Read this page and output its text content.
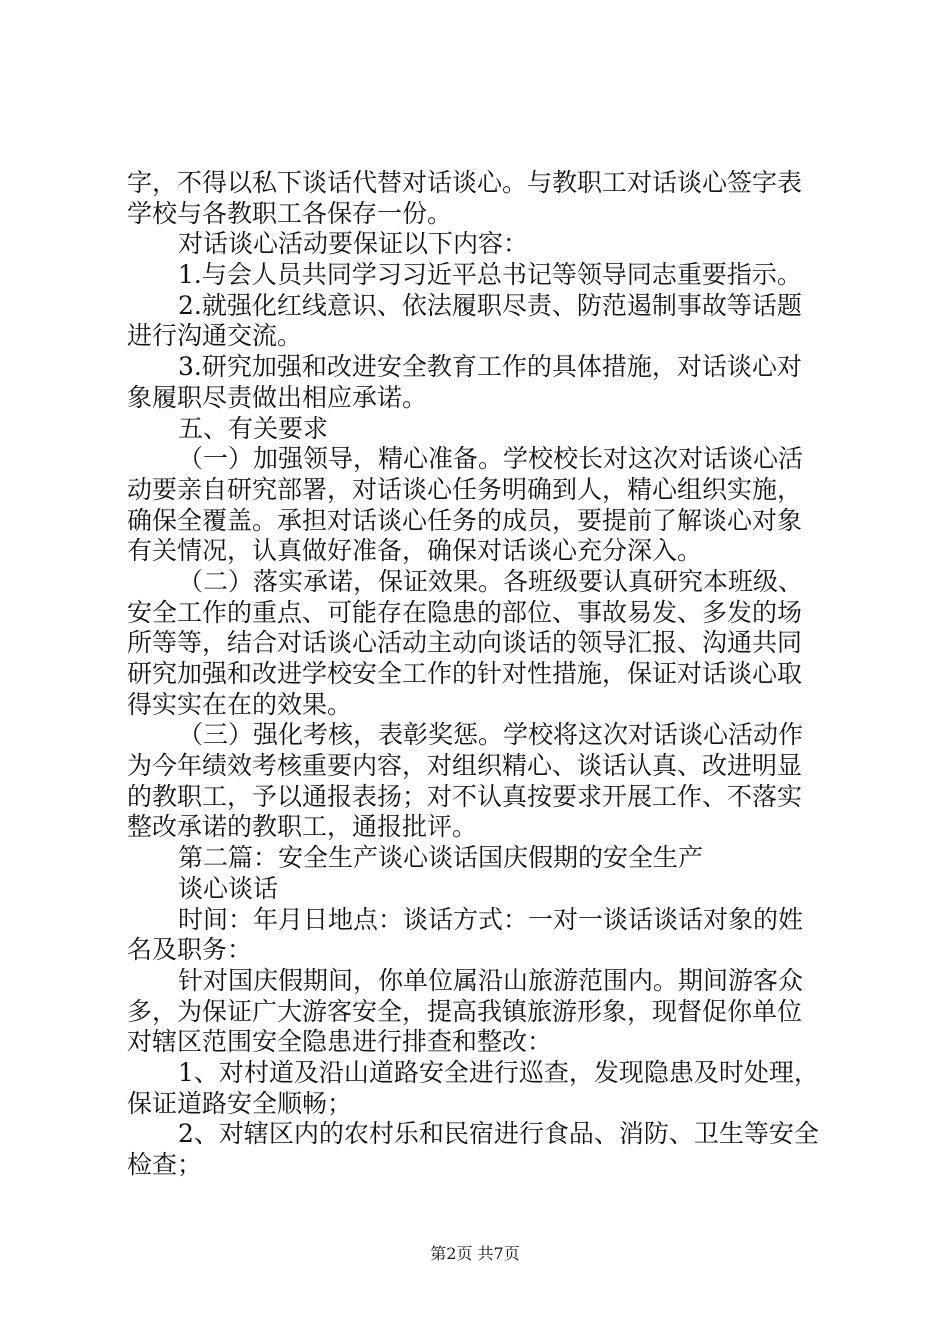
字，不得以私下谈话代替对话谈心。与教职工对话谈心签字表
学校与各教职工各保存一份。
对话谈心活动要保证以下内容：
1.与会人员共同学习习近平总书记等领导同志重要指示。
2.就强化红线意识、依法履职尽责、防范遏制事故等话题
进行沟通交流。
3.研究加强和改进安全教育工作的具体措施，对话谈心对
象履职尽责做出相应承诺。
五、有关要求
（一）加强领导，精心准备。学校校长对这次对话谈心活
动要亲自研究部署，对话谈心任务明确到人，精心组织实施，
确保全覆盖。承担对话谈心任务的成员，要提前了解谈心对象
有关情况，认真做好准备，确保对话谈心充分深入。
（二）落实承诺，保证效果。各班级要认真研究本班级、
安全工作的重点、可能存在隐患的部位、事故易发、多发的场
所等等，结合对话谈心活动主动向谈话的领导汇报、沟通共同
研究加强和改进学校安全工作的针对性措施，保证对话谈心取
得实实在在的效果。
（三）强化考核，表彰奖惩。学校将这次对话谈心活动作
为今年绩效考核重要内容，对组织精心、谈话认真、改进明显
的教职工，予以通报表扬；对不认真按要求开展工作、不落实
整改承诺的教职工，通报批评。
第二篇：安全生产谈心谈话国庆假期的安全生产
谈心谈话
时间：年月日地点：谈话方式：一对一谈话谈话对象的姓
名及职务：
针对国庆假期间，你单位属沿山旅游范围内。期间游客众
多，为保证广大游客安全，提高我镇旅游形象，现督促你单位
对辖区范围安全隐患进行排查和整改：
1、对村道及沿山道路安全进行巡查，发现隐患及时处理，
保证道路安全顺畅；
2、对辖区内的农村乐和民宿进行食品、消防、卫生等安全
检查；
第2页 共7页
